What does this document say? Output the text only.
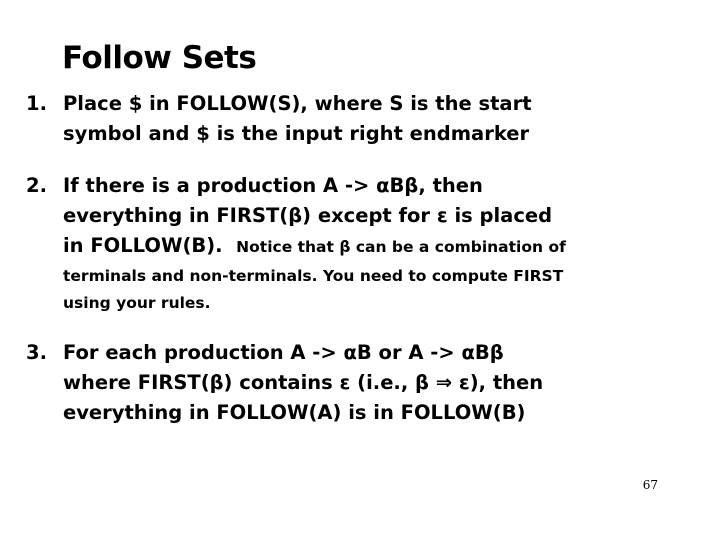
Follow Sets
1. Place $ in FOLLOW(S), where S is the start
symbol and $ is the input right endmarker
2. If there is a production A -> αBβ, then
everything in FIRST(β) except for ε is placed
in FOLLOW(B). Notice that β can be a combination of
terminals and non-terminals. You need to compute FIRST
using your rules.
3. For each production A -> αB or A -> αBβ
where FIRST(β) contains ε (i.e., β ⇒ ε), then
everything in FOLLOW(A) is in FOLLOW(B)
67
